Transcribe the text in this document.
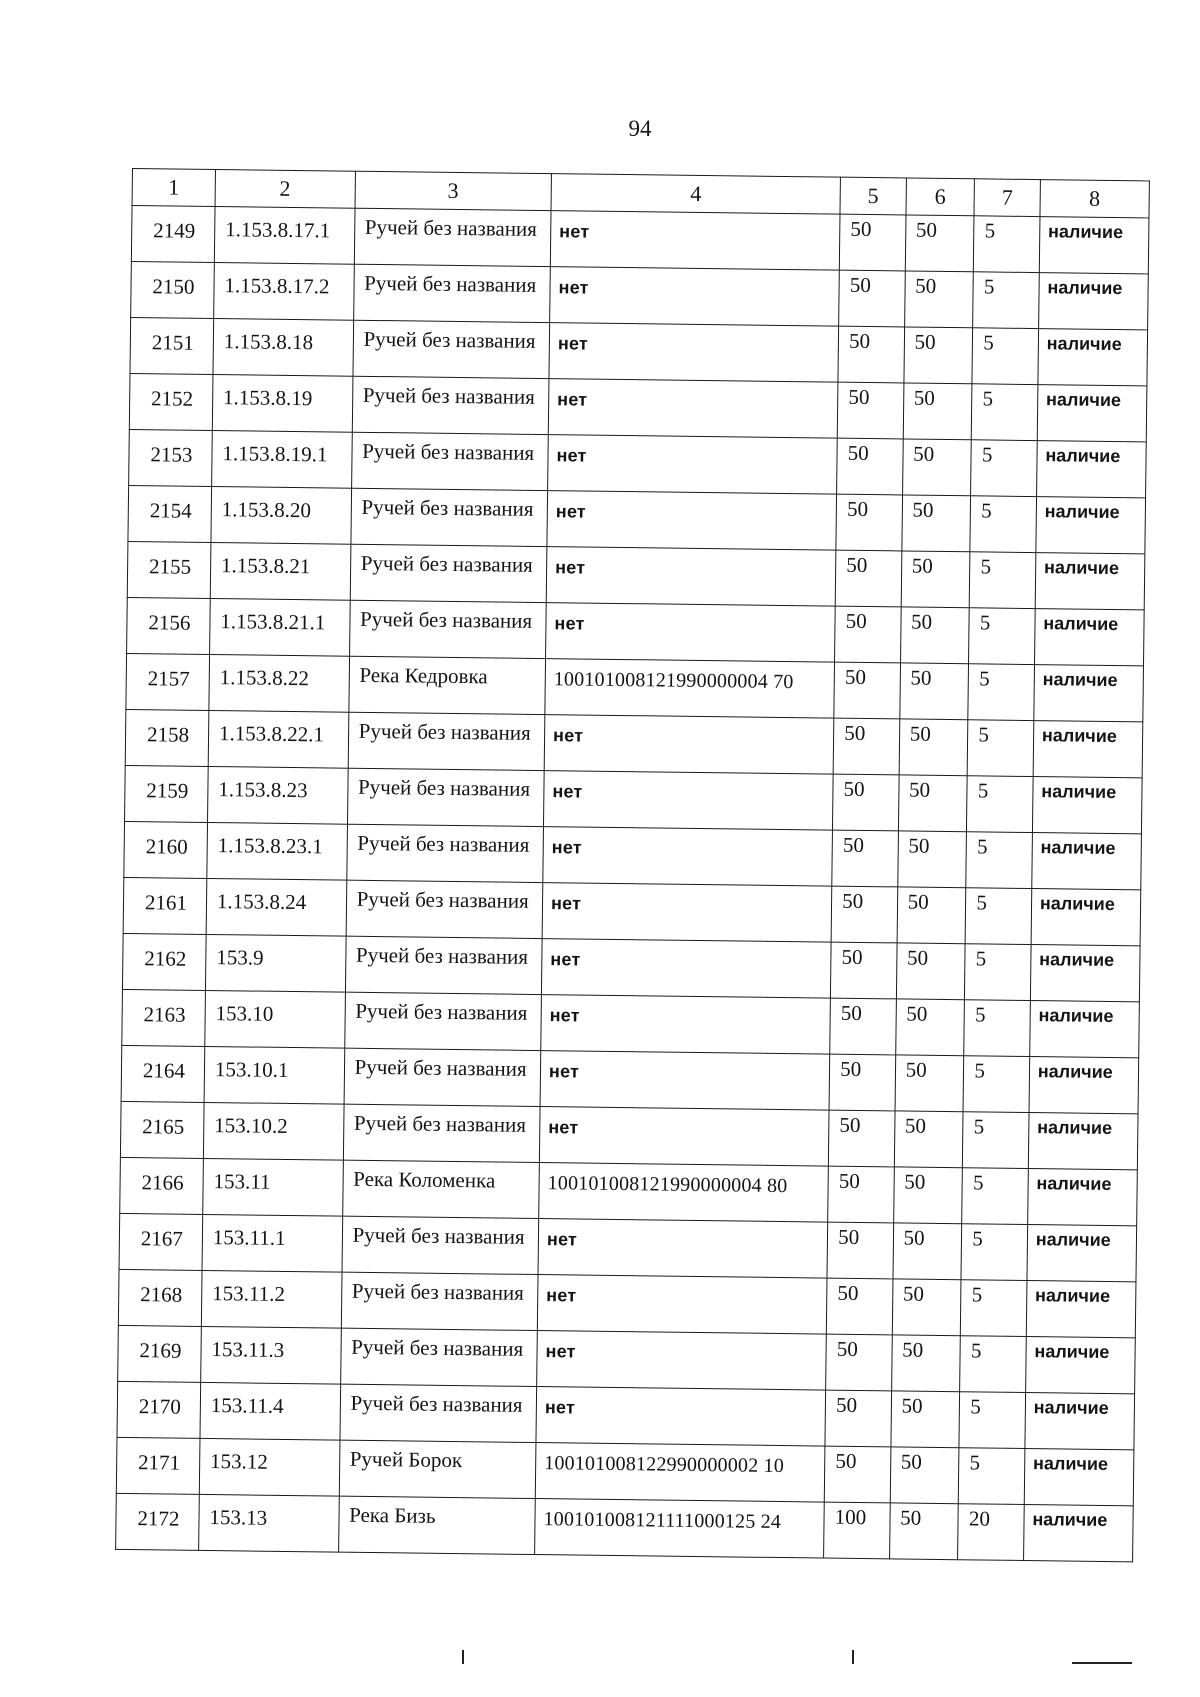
94
1	2	3	4	5	6	7	8

2149	1.153.8.17.1	Ручей без названия	нет	50	50	5	наличие

2150	1.153.8.17.2	Ручей без названия	нет	50	50	5	наличие

2151	1.153.8.18	Ручей без названия	нет	50	50	5	наличие

2152	1.153.8.19	Ручей без названия	нет	50	50	5	наличие

2153	1.153.8.19.1	Ручей без названия	нет	50	50	5	наличие

2154	1.153.8.20	Ручей без названия	нет	50	50	5	наличие

2155	1.153.8.21	Ручей без названия	нет	50	50	5	наличие

2156	1.153.8.21.1	Ручей без названия	нет	50	50	5	наличие

2157	1.153.8.22	Река Кедровка	100101008121990000004 70	50	50	5	наличие

2158	1.153.8.22.1	Ручей без названия	нет	50	50	5	наличие

2159	1.153.8.23	Ручей без названия	нет	50	50	5	наличие

2160	1.153.8.23.1	Ручей без названия	нет	50	50	5	наличие

2161	1.153.8.24	Ручей без названия	нет	50	50	5	наличие

2162	153.9	Ручей без названия	нет	50	50	5	наличие

2163	153.10	Ручей без названия	нет	50	50	5	наличие

2164	153.10.1	Ручей без названия	нет	50	50	5	наличие

2165	153.10.2	Ручей без названия	нет	50	50	5	наличие

2166	153.11	Река Коломенка	100101008121990000004 80	50	50	5	наличие

2167	153.11.1	Ручей без названия	нет	50	50	5	наличие

2168	153.11.2	Ручей без названия	нет	50	50	5	наличие

2169	153.11.3	Ручей без названия	нет	50	50	5	наличие

2170	153.11.4	Ручей без названия	нет	50	50	5	наличие

2171	153.12	Ручей Борок	100101008122990000002 10	50	50	5	наличие

2172	153.13	Река Бизь	100101008121111000125 24	100	50	20	наличие
